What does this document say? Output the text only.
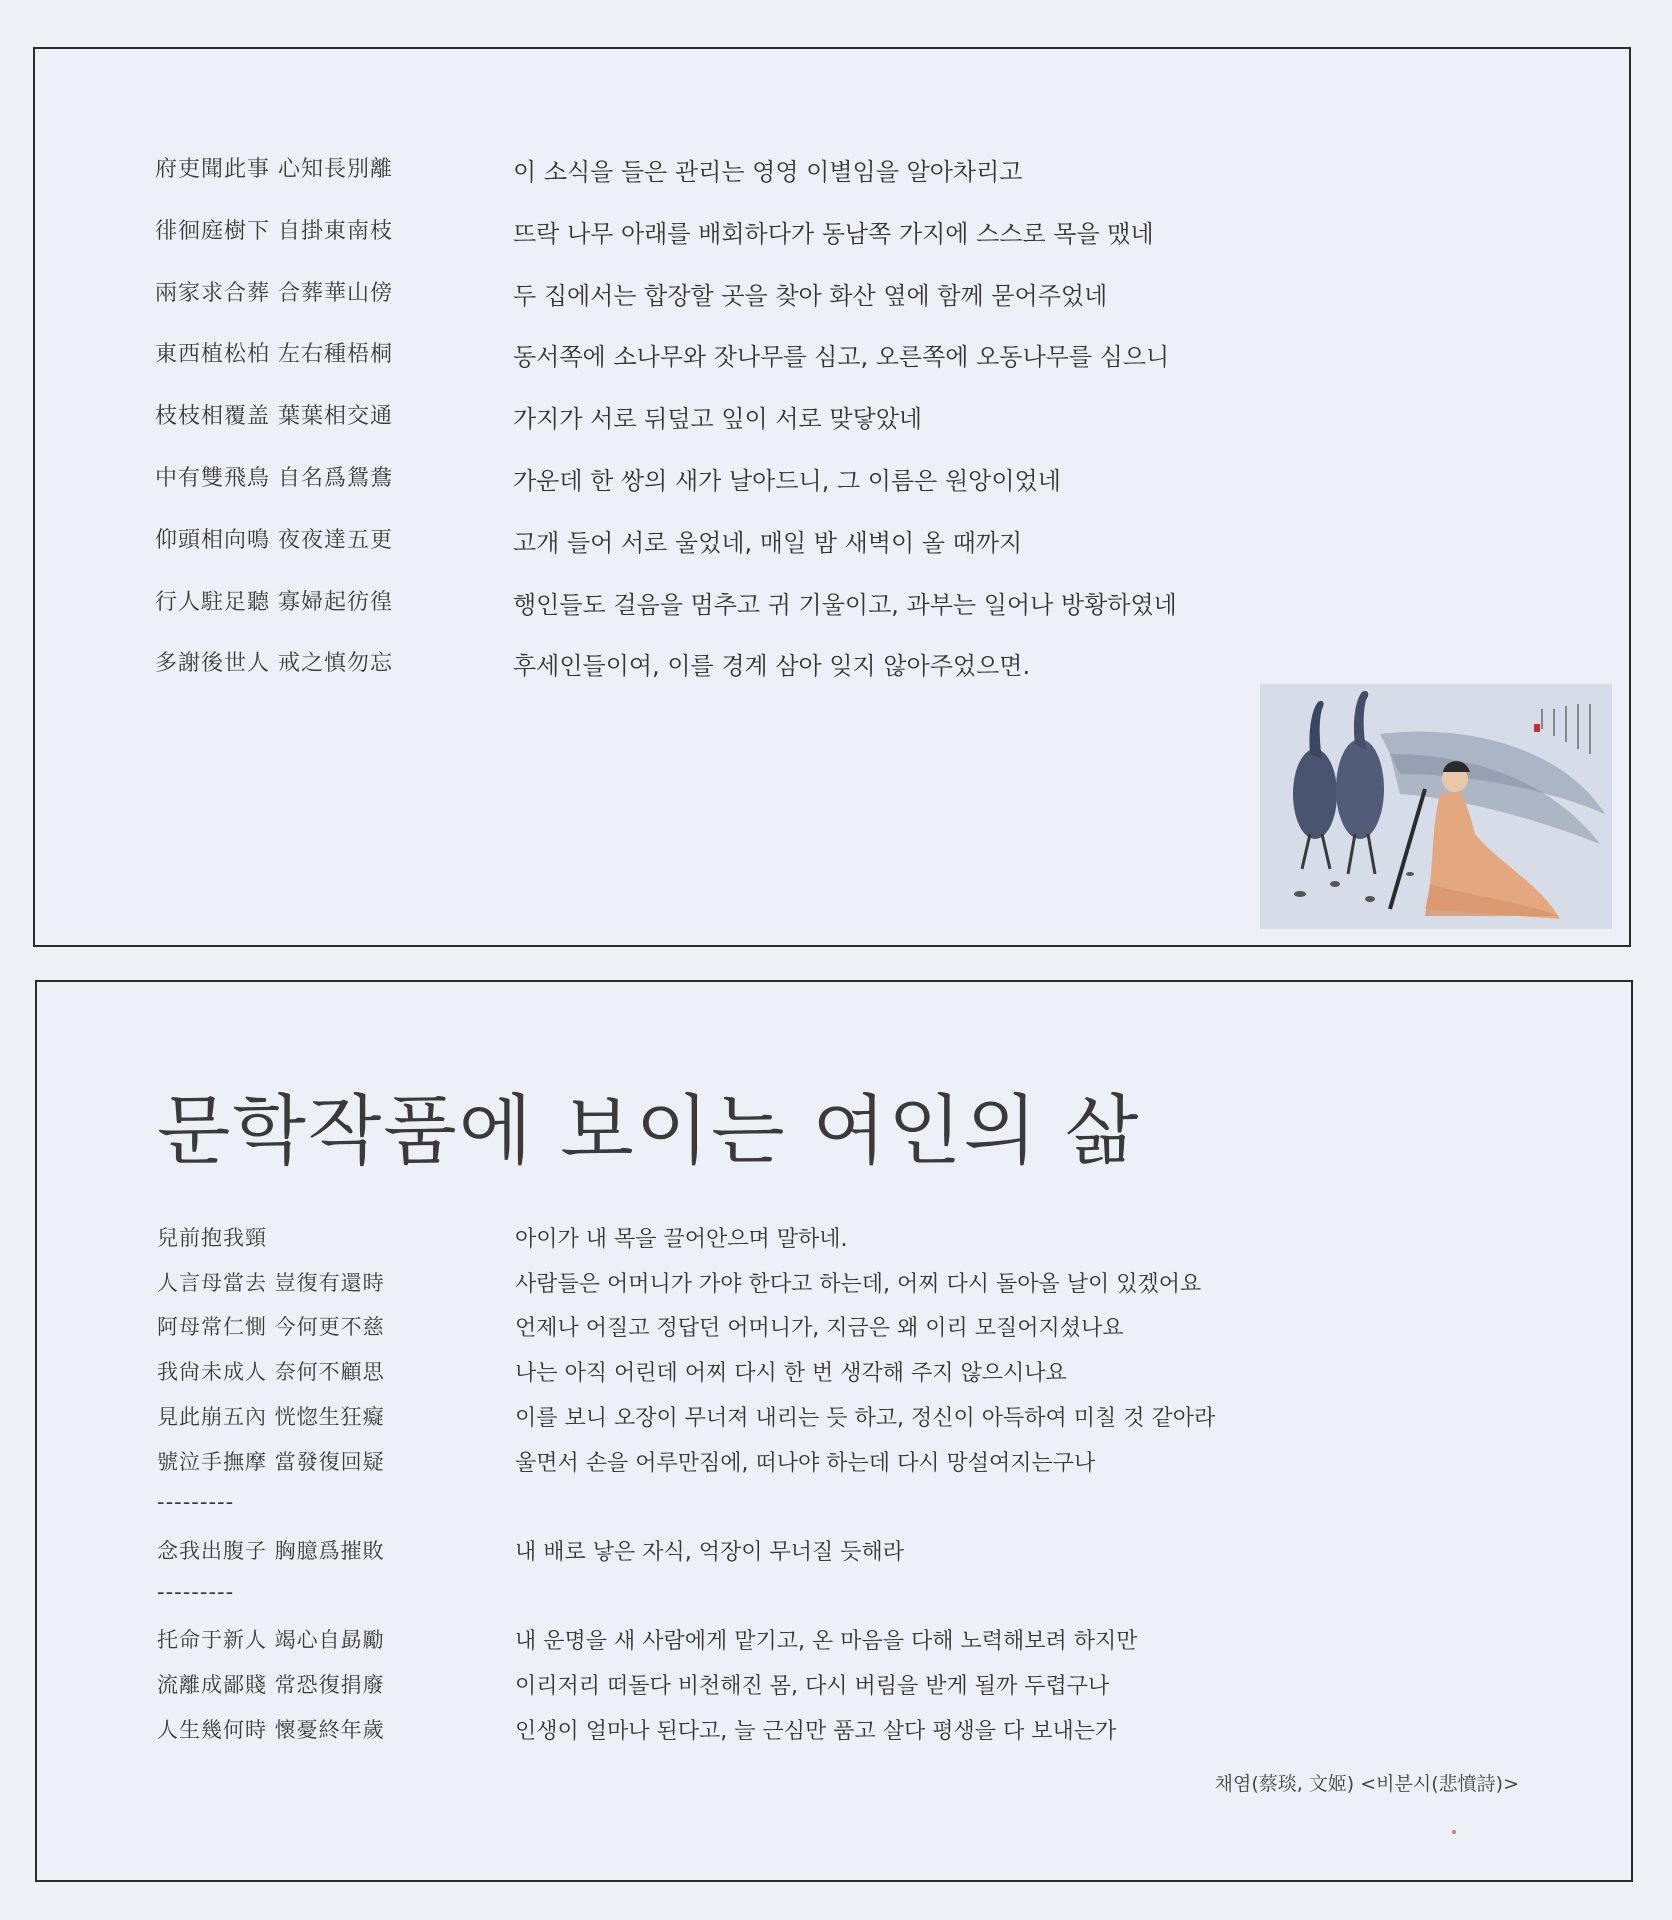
府吏聞此事 心知長別離	이 소식을 들은 관리는 영영 이별임을 알아차리고
徘徊庭樹下 自掛東南枝	뜨락 나무 아래를 배회하다가 동남쪽 가지에 스스로 목을 맸네
兩家求合葬 合葬華山傍	두 집에서는 합장할 곳을 찾아 화산 옆에 함께 묻어주었네
東西植松柏 左右種梧桐	동서쪽에 소나무와 잣나무를 심고, 오른쪽에 오동나무를 심으니
枝枝相覆盖 葉葉相交通	가지가 서로 뒤덮고 잎이 서로 맞닿았네
中有雙飛鳥 自名爲鴛鴦	가운데 한 쌍의 새가 날아드니, 그 이름은 원앙이었네
仰頭相向鳴 夜夜達五更	고개 들어 서로 울었네, 매일 밤 새벽이 올 때까지
行人駐足聽 寡婦起彷徨	행인들도 걸음을 멈추고 귀 기울이고, 과부는 일어나 방황하였네
多謝後世人 戒之慎勿忘	후세인들이여, 이를 경계 삼아 잊지 않아주었으면.
문학작품에 보이는 여인의 삶
兒前抱我頸	아이가 내 목을 끌어안으며 말하네.
人言母當去 豈復有還時	사람들은 어머니가 가야 한다고 하는데, 어찌 다시 돌아올 날이 있겠어요
阿母常仁惻 今何更不慈	언제나 어질고 정답던 어머니가, 지금은 왜 이리 모질어지셨나요
我尙未成人 奈何不顧思	나는 아직 어린데 어찌 다시 한 번 생각해 주지 않으시나요
見此崩五內 恍惚生狂癡	이를 보니 오장이 무너져 내리는 듯 하고, 정신이 아득하여 미칠 것 같아라
號泣手撫摩 當發復回疑	울면서 손을 어루만짐에, 떠나야 하는데 다시 망설여지는구나
---------
念我出腹子 胸臆爲摧敗	내 배로 낳은 자식, 억장이 무너질 듯해라
---------
托命于新人 竭心自勗勵	내 운명을 새 사람에게 맡기고, 온 마음을 다해 노력해보려 하지만
流離成鄙賤 常恐復捐廢	이리저리 떠돌다 비천해진 몸, 다시 버림을 받게 될까 두렵구나
人生幾何時 懷憂終年歲	인생이 얼마나 된다고, 늘 근심만 품고 살다 평생을 다 보내는가
채염(蔡琰, 文姬) <비분시(悲憤詩)>
